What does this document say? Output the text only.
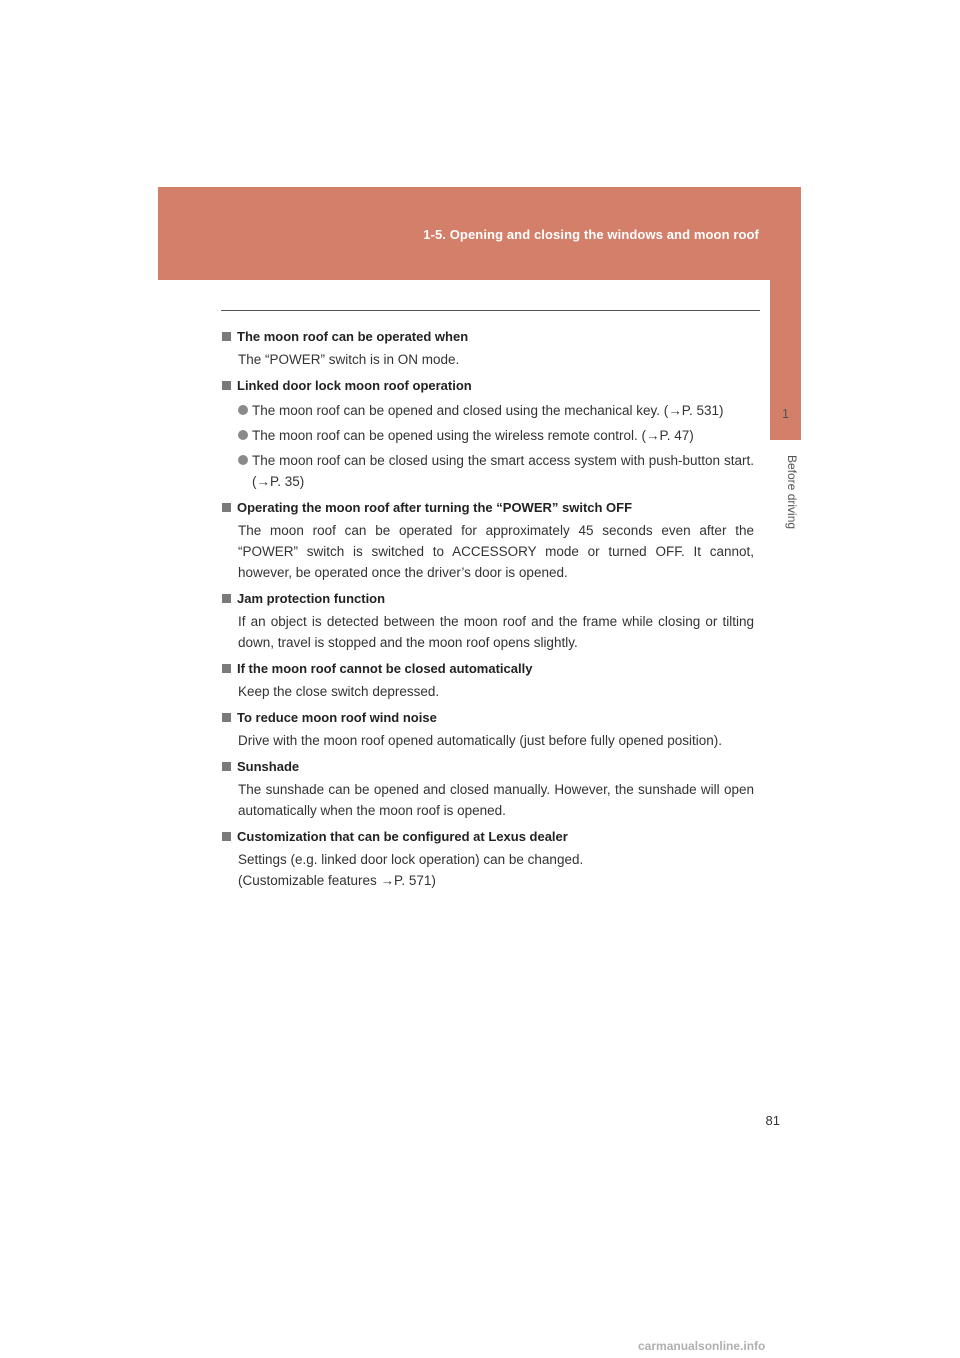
1-5. Opening and closing the windows and moon roof
1
Before driving
The moon roof can be operated when
The “POWER” switch is in ON mode.
Linked door lock moon roof operation
The moon roof can be opened and closed using the mechanical key. (→P. 531)
The moon roof can be opened using the wireless remote control. (→P. 47)
The moon roof can be closed using the smart access system with push-button start. (→P. 35)
Operating the moon roof after turning the “POWER” switch OFF
The moon roof can be operated for approximately 45 seconds even after the “POWER” switch is switched to ACCESSORY mode or turned OFF. It cannot, however, be operated once the driver’s door is opened.
Jam protection function
If an object is detected between the moon roof and the frame while closing or tilting down, travel is stopped and the moon roof opens slightly.
If the moon roof cannot be closed automatically
Keep the close switch depressed.
To reduce moon roof wind noise
Drive with the moon roof opened automatically (just before fully opened position).
Sunshade
The sunshade can be opened and closed manually. However, the sunshade will open automatically when the moon roof is opened.
Customization that can be configured at Lexus dealer
Settings (e.g. linked door lock operation) can be changed.
(Customizable features →P. 571)
81
carmanualsonline.info
